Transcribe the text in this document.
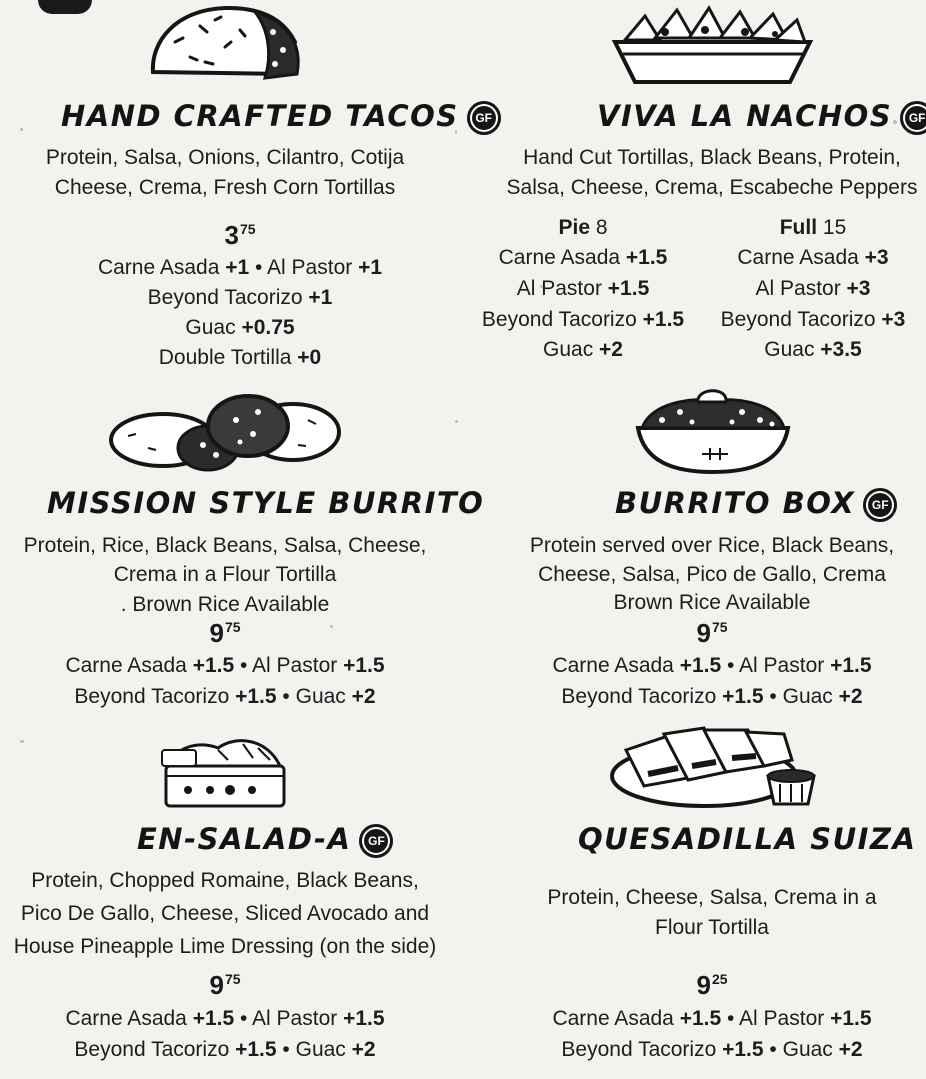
HAND CRAFTED TACOS GF
Protein, Salsa, Onions, Cilantro, Cotija
Cheese, Crema, Fresh Corn Tortillas
$3^{75}$
Carne Asada +1 • Al Pastor +1
Beyond Tacorizo +1
Guac +0.75
Double Tortilla +0
VIVA LA NACHOS GF
Hand Cut Tortillas, Black Beans, Protein,
Salsa, Cheese, Crema, Escabeche Peppers
Pie 8
Carne Asada +1.5
Al Pastor +1.5
Beyond Tacorizo +1.5
Guac +2
Full 15
Carne Asada +3
Al Pastor +3
Beyond Tacorizo +3
Guac +3.5
MISSION STYLE BURRITO
Protein, Rice, Black Beans, Salsa, Cheese,
Crema in a Flour Tortilla
. Brown Rice Available
$9^{75}$
Carne Asada +1.5 • Al Pastor +1.5
Beyond Tacorizo +1.5 • Guac +2
BURRITO BOX GF
Protein served over Rice, Black Beans,
Cheese, Salsa, Pico de Gallo, Crema
Brown Rice Available
$9^{75}$
Carne Asada +1.5 • Al Pastor +1.5
Beyond Tacorizo +1.5 • Guac +2
EN-SALAD-A GF
Protein, Chopped Romaine, Black Beans,
Pico De Gallo, Cheese, Sliced Avocado and
House Pineapple Lime Dressing (on the side)
$9^{75}$
Carne Asada +1.5 • Al Pastor +1.5
Beyond Tacorizo +1.5 • Guac +2
QUESADILLA SUIZA
Protein, Cheese, Salsa, Crema in a
Flour Tortilla
$9^{25}$
Carne Asada +1.5 • Al Pastor +1.5
Beyond Tacorizo +1.5 • Guac +2
